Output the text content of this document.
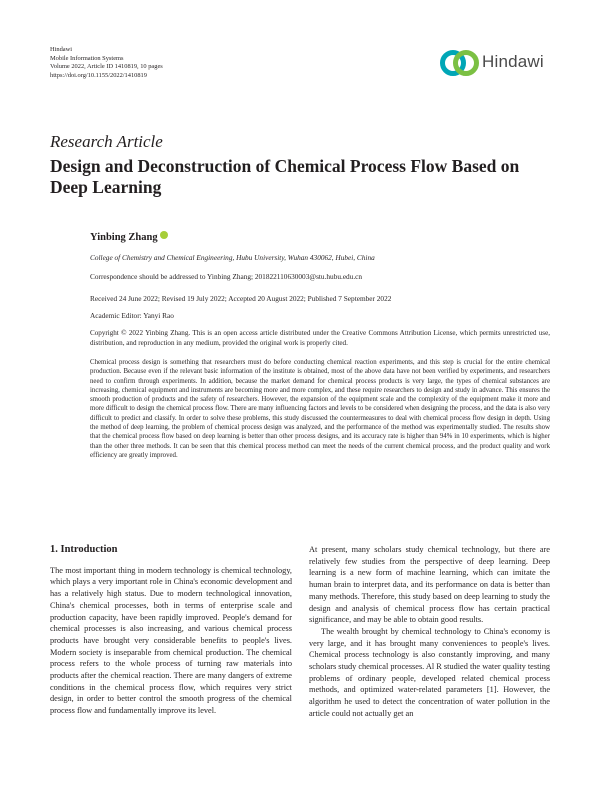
Hindawi
Mobile Information Systems
Volume 2022, Article ID 1410819, 10 pages
https://doi.org/10.1155/2022/1410819
Hindawi
Research Article
Design and Deconstruction of Chemical Process Flow Based on Deep Learning
Yinbing Zhang
College of Chemistry and Chemical Engineering, Hubu University, Wuhan 430062, Hubei, China
Correspondence should be addressed to Yinbing Zhang; 201822110630003@stu.hubu.edu.cn
Received 24 June 2022; Revised 19 July 2022; Accepted 20 August 2022; Published 7 September 2022
Academic Editor: Yanyi Rao
Copyright © 2022 Yinbing Zhang. This is an open access article distributed under the Creative Commons Attribution License, which permits unrestricted use, distribution, and reproduction in any medium, provided the original work is properly cited.
Chemical process design is something that researchers must do before conducting chemical reaction experiments, and this step is crucial for the entire chemical production. Because even if the relevant basic information of the institute is obtained, most of the above data have not been verified by experiments, and researchers need to confirm through experiments. In addition, because the market demand for chemical process products is very large, the types of chemical substances are increasing, chemical equipment and instruments are becoming more and more complex, and these require researchers to design and study in advance. This ensures the smooth production of products and the safety of researchers. However, the expansion of the equipment scale and the complexity of the equipment make it more and more difficult to design the chemical process flow. There are many influencing factors and levels to be considered when designing the process, and the data is also very difficult to predict and classify. In order to solve these problems, this study discussed the countermeasures to deal with chemical process flow design in depth. Using the method of deep learning, the problem of chemical process design was analyzed, and the performance of the method was experimentally studied. The results show that the chemical process flow based on deep learning is better than other process designs, and its accuracy rate is higher than 94% in 10 experiments, which is higher than the other three methods. It can be seen that this chemical process method can meet the needs of the current chemical process, and the product quality and work efficiency are greatly improved.
1. Introduction

The most important thing in modern technology is chemical technology, which plays a very important role in China's economic development and has a relatively high status. Due to modern technological innovation, China's chemical processes, both in terms of enterprise scale and production capacity, have been rapidly improved. People's demand for chemical processes is also increasing, and various chemical process products have brought very considerable benefits to people's lives. Modern society is inseparable from chemical production. The chemical process refers to the whole process of turning raw materials into products after the chemical reaction. There are many dangers of extreme conditions in the chemical process flow, which requires very strict design, in order to better control the smooth progress of the chemical process flow and fundamentally improve its level.

At present, many scholars study chemical technology, but there are relatively few studies from the perspective of deep learning. Deep learning is a new form of machine learning, which can imitate the human brain to interpret data, and its performance on data is better than many methods. Therefore, this study based on deep learning to study the design and analysis of chemical process flow has certain practical significance, and may be able to obtain good results.

The wealth brought by chemical technology to China's economy is very large, and it has brought many conveniences to people's lives. Chemical process technology is also constantly improving, and many scholars study chemical processes. Al R studied the water quality testing problems of ordinary people, developed related chemical process methods, and optimized water-related parameters [1]. However, the algorithm he used to detect the concentration of water pollution in the article could not actually get an
